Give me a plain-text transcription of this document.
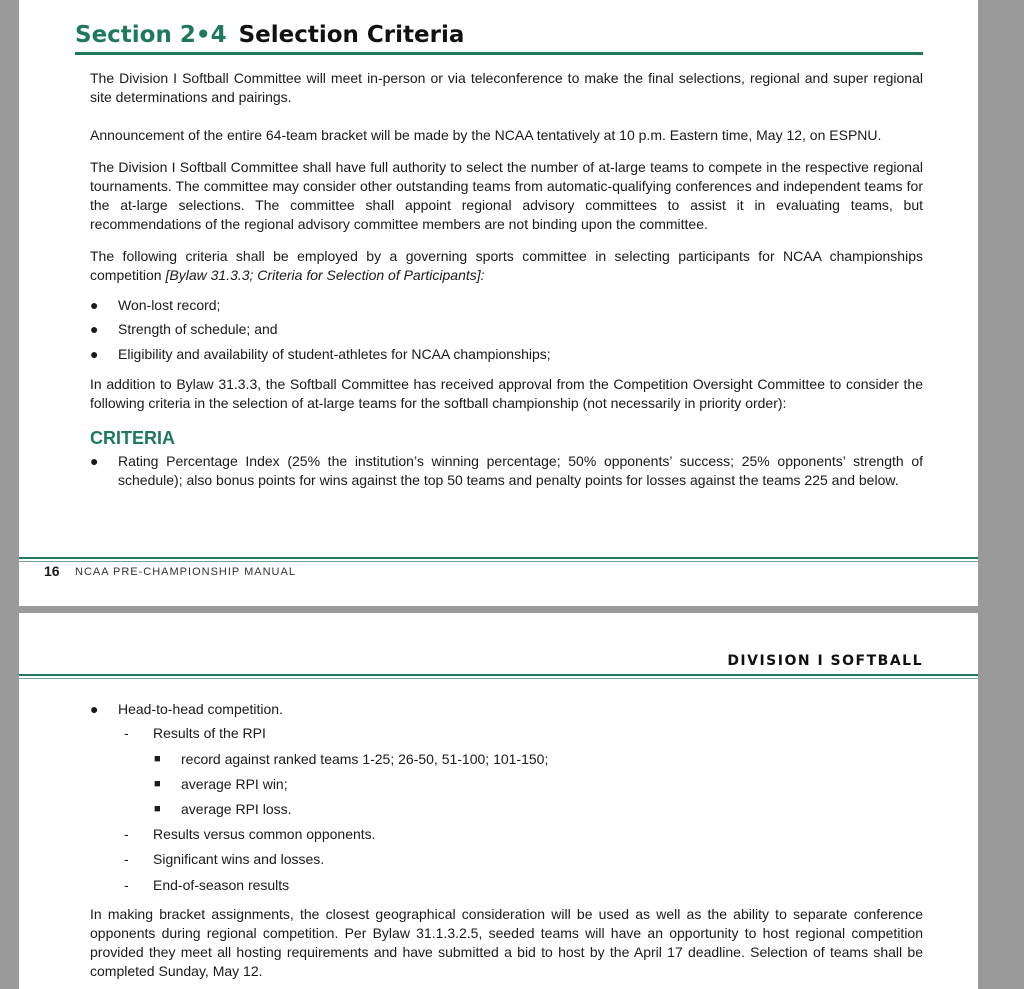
Section 2•4 Selection Criteria

The Division I Softball Committee will meet in-person or via teleconference to make the final selections, regional and super regional site determinations and pairings.

Announcement of the entire 64-team bracket will be made by the NCAA tentatively at 10 p.m. Eastern time, May 12, on ESPNU.

The Division I Softball Committee shall have full authority to select the number of at-large teams to compete in the respective regional tournaments. The committee may consider other outstanding teams from automatic-qualifying conferences and independent teams for the at-large selections. The committee shall appoint regional advisory committees to assist it in evaluating teams, but recommendations of the regional advisory committee members are not binding upon the committee.

The following criteria shall be employed by a governing sports committee in selecting participants for NCAA championships competition [Bylaw 31.3.3; Criteria for Selection of Participants]:

●	Won-lost record;
●	Strength of schedule; and
●	Eligibility and availability of student-athletes for NCAA championships;

In addition to Bylaw 31.3.3, the Softball Committee has received approval from the Competition Oversight Committee to consider the following criteria in the selection of at-large teams for the softball championship (not necessarily in priority order):

CRITERIA
●	Rating Percentage Index (25% the institution’s winning percentage; 50% opponents’ success; 25% opponents’ strength of schedule); also bonus points for wins against the top 50 teams and penalty points for losses against the teams 225 and below.
16 NCAA PRE-CHAMPIONSHIP MANUAL
DIVISION I SOFTBALL
● Head-to-head competition.
- Results of the RPI
■ record against ranked teams 1-25; 26-50, 51-100; 101-150;
■ average RPI win;
■ average RPI loss.
- Results versus common opponents.
- Significant wins and losses.
- End-of-season results

In making bracket assignments, the closest geographical consideration will be used as well as the ability to separate conference opponents during regional competition. Per Bylaw 31.1.3.2.5, seeded teams will have an opportunity to host regional competition provided they meet all hosting requirements and have submitted a bid to host by the April 17 deadline. Selection of teams shall be completed Sunday, May 12.
